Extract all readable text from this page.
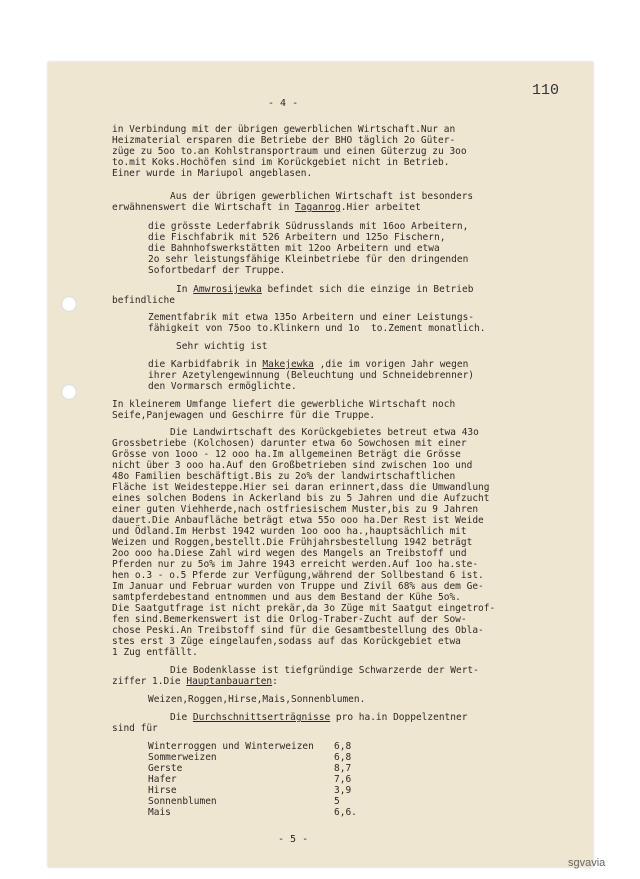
110
- 4 -
in Verbindung mit der übrigen gewerblichen Wirtschaft.Nur an
Heizmaterial ersparen die Betriebe der BHO täglich 2o Güter-
züge zu 5oo to.an Kohlstransportraum und einen Güterzug zu 3oo
to.mit Koks.Hochöfen sind im Korückgebiet nicht in Betrieb.
Einer wurde in Mariupol angeblasen.
Aus der übrigen gewerblichen Wirtschaft ist besonders
erwähnenswert die Wirtschaft in Taganrog.Hier arbeitet
die grösste Lederfabrik Südrusslands mit 16oo Arbeitern,
die Fischfabrik mit 526 Arbeitern und 125o Fischern,
die Bahnhofswerkstätten mit 12oo Arbeitern und etwa
2o sehr leistungsfähige Kleinbetriebe für den dringenden
Sofortbedarf der Truppe.
In Amwrosijewka befindet sich die einzige in Betrieb
befindliche
Zementfabrik mit etwa 135o Arbeitern und einer Leistungs-
fähigkeit von 75oo to.Klinkern und 1o  to.Zement monatlich.
Sehr wichtig ist
die Karbidfabrik in Makejewka ,die im vorigen Jahr wegen
ihrer Azetylengewinnung (Beleuchtung und Schneidebrenner)
den Vormarsch ermöglichte.
In kleinerem Umfange liefert die gewerbliche Wirtschaft noch
Seife,Panjewagen und Geschirre für die Truppe.
Die Landwirtschaft des Korückgebietes betreut etwa 43o
Grossbetriebe (Kolchosen) darunter etwa 6o Sowchosen mit einer
Grösse von 1ooo - 12 ooo ha.Im allgemeinen Beträgt die Grösse
nicht über 3 ooo ha.Auf den Großbetrieben sind zwischen 1oo und
48o Familien beschäftigt.Bis zu 2o% der landwirtschaftlichen
Fläche ist Weidesteppe.Hier sei daran erinnert,dass die Umwandlung
eines solchen Bodens in Ackerland bis zu 5 Jahren und die Aufzucht
einer guten Viehherde,nach ostfriesischem Muster,bis zu 9 Jahren
dauert.Die Anbaufläche beträgt etwa 55o ooo ha.Der Rest ist Weide
und Ödland.Im Herbst 1942 wurden 1oo ooo ha.,hauptsächlich mit
Weizen und Roggen,bestellt.Die Frühjahrsbestellung 1942 beträgt
2oo ooo ha.Diese Zahl wird wegen des Mangels an Treibstoff und
Pferden nur zu 5o% im Jahre 1943 erreicht werden.Auf 1oo ha.ste-
hen o.3 - o.5 Pferde zur Verfügung,während der Sollbestand 6 ist.
Im Januar und Februar wurden von Truppe und Zivil 68% aus dem Ge-
samtpferdebestand entnommen und aus dem Bestand der Kühe 5o%.
Die Saatgutfrage ist nicht prekär,da 3o Züge mit Saatgut eingetrof-
fen sind.Bemerkenswert ist die Orlog-Traber-Zucht auf der Sow-
chose Peski.An Treibstoff sind für die Gesamtbestellung des Obla-
stes erst 3 Züge eingelaufen,sodass auf das Korückgebiet etwa
1 Zug entfällt.
Die Bodenklasse ist tiefgründige Schwarzerde der Wert-
ziffer 1.Die Hauptanbauarten:
Weizen,Roggen,Hirse,Mais,Sonnenblumen.
Die Durchschnittserträgnisse pro ha.in Doppelzentner
sind für
Winterroggen und Winterweizen 6,8
Sommerweizen	6,8
Gerste	8,7
Hafer	7,6
Hirse	3,9
Sonnenblumen	5
Mais	6,6.
- 5 -
sgvavia
